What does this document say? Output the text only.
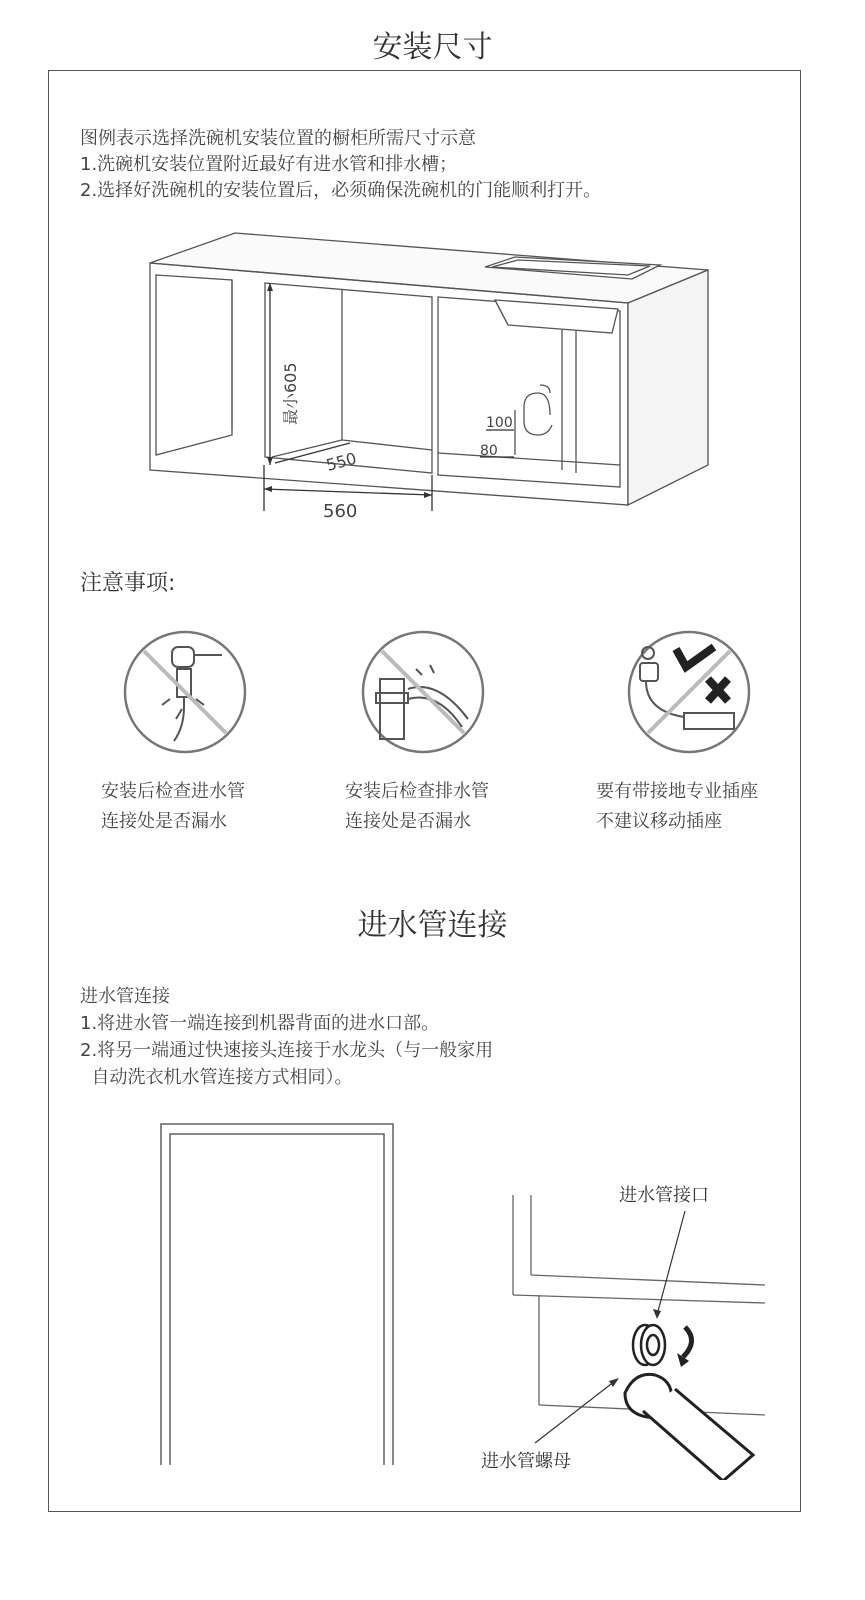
安装尺寸
图例表示选择洗碗机安装位置的橱柜所需尺寸示意
1.洗碗机安装位置附近最好有进水管和排水槽；
2.选择好洗碗机的安装位置后，必须确保洗碗机的门能顺利打开。
最小605
550
560
100
80
注意事项:
安装后检查进水管
连接处是否漏水
安装后检查排水管
连接处是否漏水
要有带接地专业插座
不建议移动插座
进水管连接
进水管连接
1.将进水管一端连接到机器背面的进水口部。
2.将另一端通过快速接头连接于水龙头（与一般家用
自动洗衣机水管连接方式相同）。
进水管接口
进水管螺母
